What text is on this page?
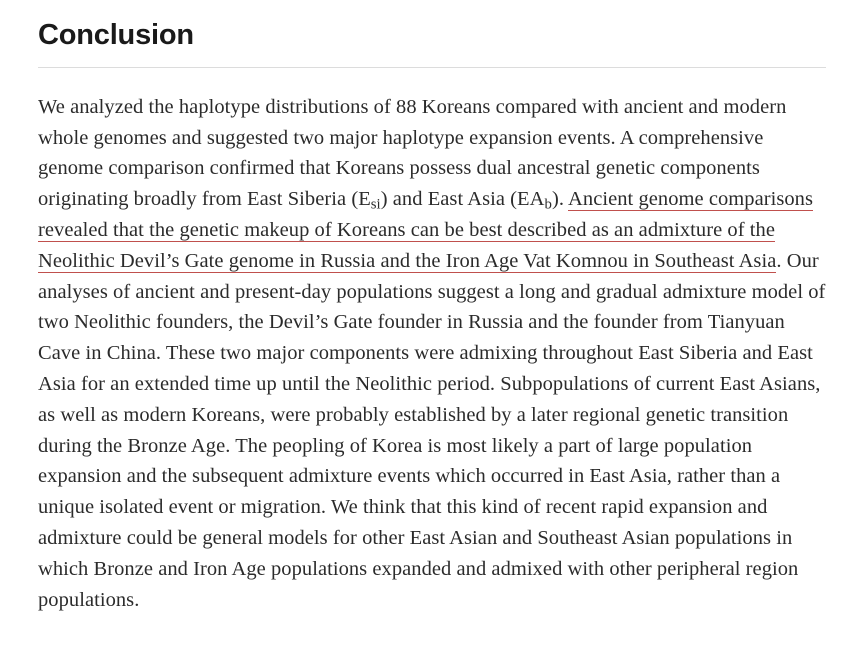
Conclusion

We analyzed the haplotype distributions of 88 Koreans compared with ancient and modern whole genomes and suggested two major haplotype expansion events. A comprehensive genome comparison confirmed that Koreans possess dual ancestral genetic components originating broadly from East Siberia $(E_{si})$ and East Asia $(EA_b)$. Ancient genome comparisons revealed that the genetic makeup of Koreans can be best described as an admixture of the Neolithic Devil’s Gate genome in Russia and the Iron Age Vat Komnou in Southeast Asia. Our analyses of ancient and present-day populations suggest a long and gradual admixture model of two Neolithic founders, the Devil’s Gate founder in Russia and the founder from Tianyuan Cave in China. These two major components were admixing throughout East Siberia and East Asia for an extended time up until the Neolithic period. Subpopulations of current East Asians, as well as modern Koreans, were probably established by a later regional genetic transition during the Bronze Age. The peopling of Korea is most likely a part of large population expansion and the subsequent admixture events which occurred in East Asia, rather than a unique isolated event or migration. We think that this kind of recent rapid expansion and admixture could be general models for other East Asian and Southeast Asian populations in which Bronze and Iron Age populations expanded and admixed with other peripheral region populations.
